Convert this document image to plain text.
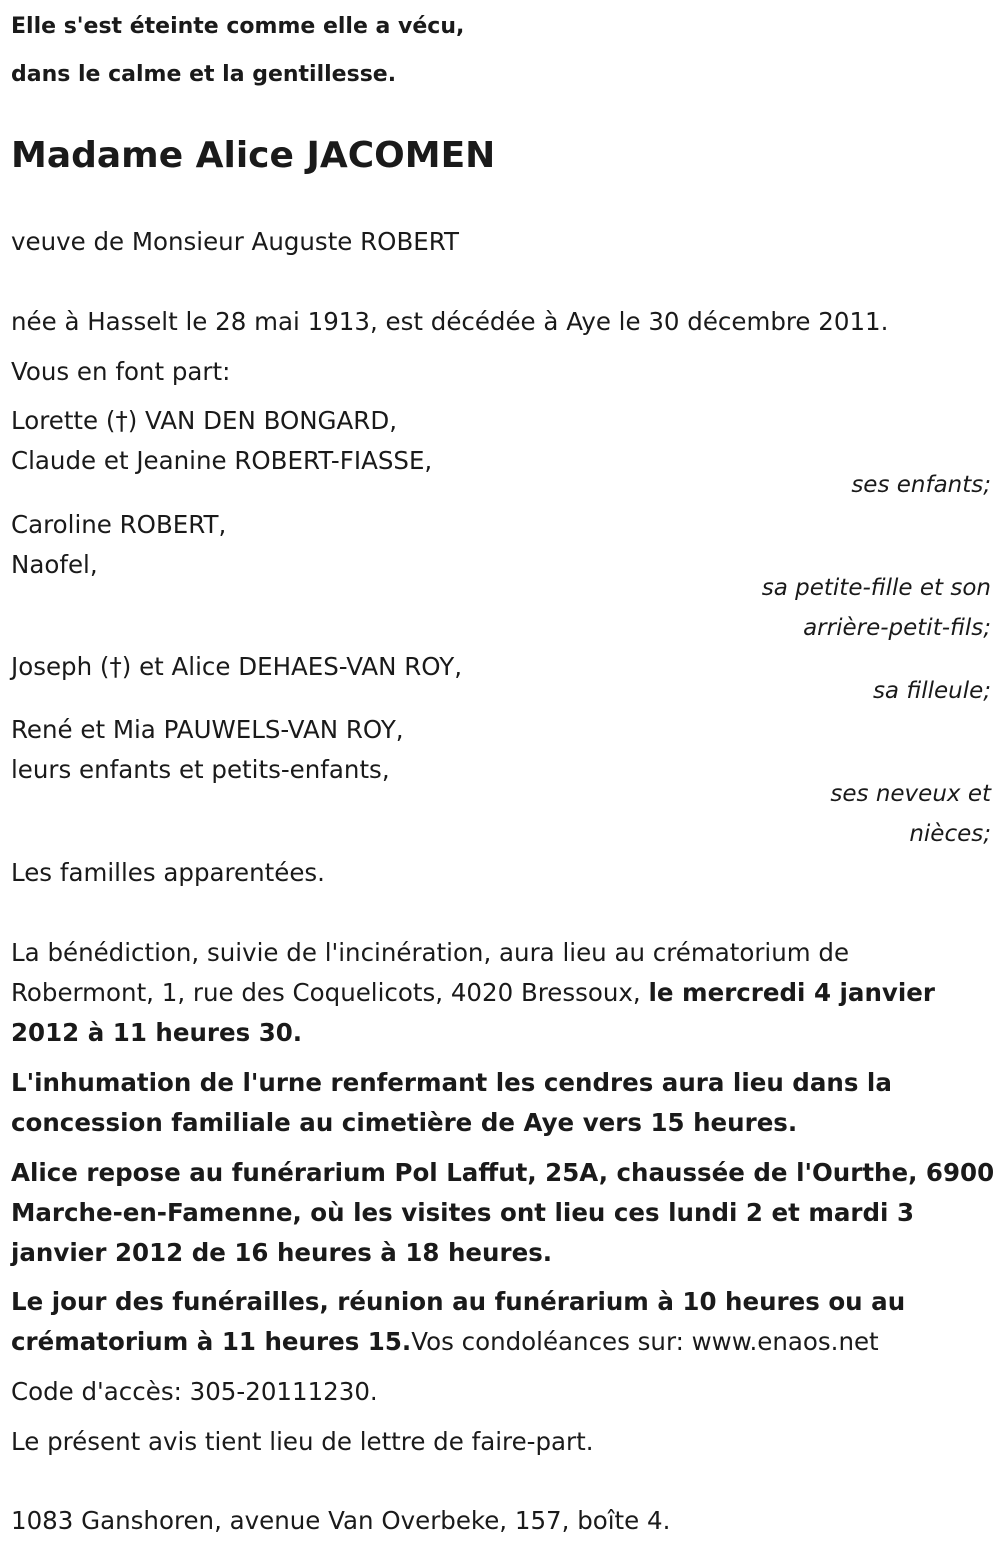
Elle s'est éteinte comme elle a vécu,
dans le calme et la gentillesse.
Madame Alice JACOMEN
veuve de Monsieur Auguste ROBERT
née à Hasselt le 28 mai 1913, est décédée à Aye le 30 décembre 2011.
Vous en font part:
Lorette (†) VAN DEN BONGARD,
Claude et Jeanine ROBERT-FIASSE,
ses enfants;
Caroline ROBERT,
Naofel,
sa petite-fille et son
arrière-petit-fils;
Joseph (†) et Alice DEHAES-VAN ROY,
sa filleule;
René et Mia PAUWELS-VAN ROY,
leurs enfants et petits-enfants,
ses neveux et
nièces;
Les familles apparentées.
La bénédiction, suivie de l'incinération, aura lieu au crématorium de
Robermont, 1, rue des Coquelicots, 4020 Bressoux, le mercredi 4 janvier
2012 à 11 heures 30.
L'inhumation de l'urne renfermant les cendres aura lieu dans la
concession familiale au cimetière de Aye vers 15 heures.
Alice repose au funérarium Pol Laffut, 25A, chaussée de l'Ourthe, 6900
Marche-en-Famenne, où les visites ont lieu ces lundi 2 et mardi 3
janvier 2012 de 16 heures à 18 heures.
Le jour des funérailles, réunion au funérarium à 10 heures ou au
crématorium à 11 heures 15.Vos condoléances sur: www.enaos.net
Code d'accès: 305-20111230.
Le présent avis tient lieu de lettre de faire-part.
1083 Ganshoren, avenue Van Overbeke, 157, boîte 4.
